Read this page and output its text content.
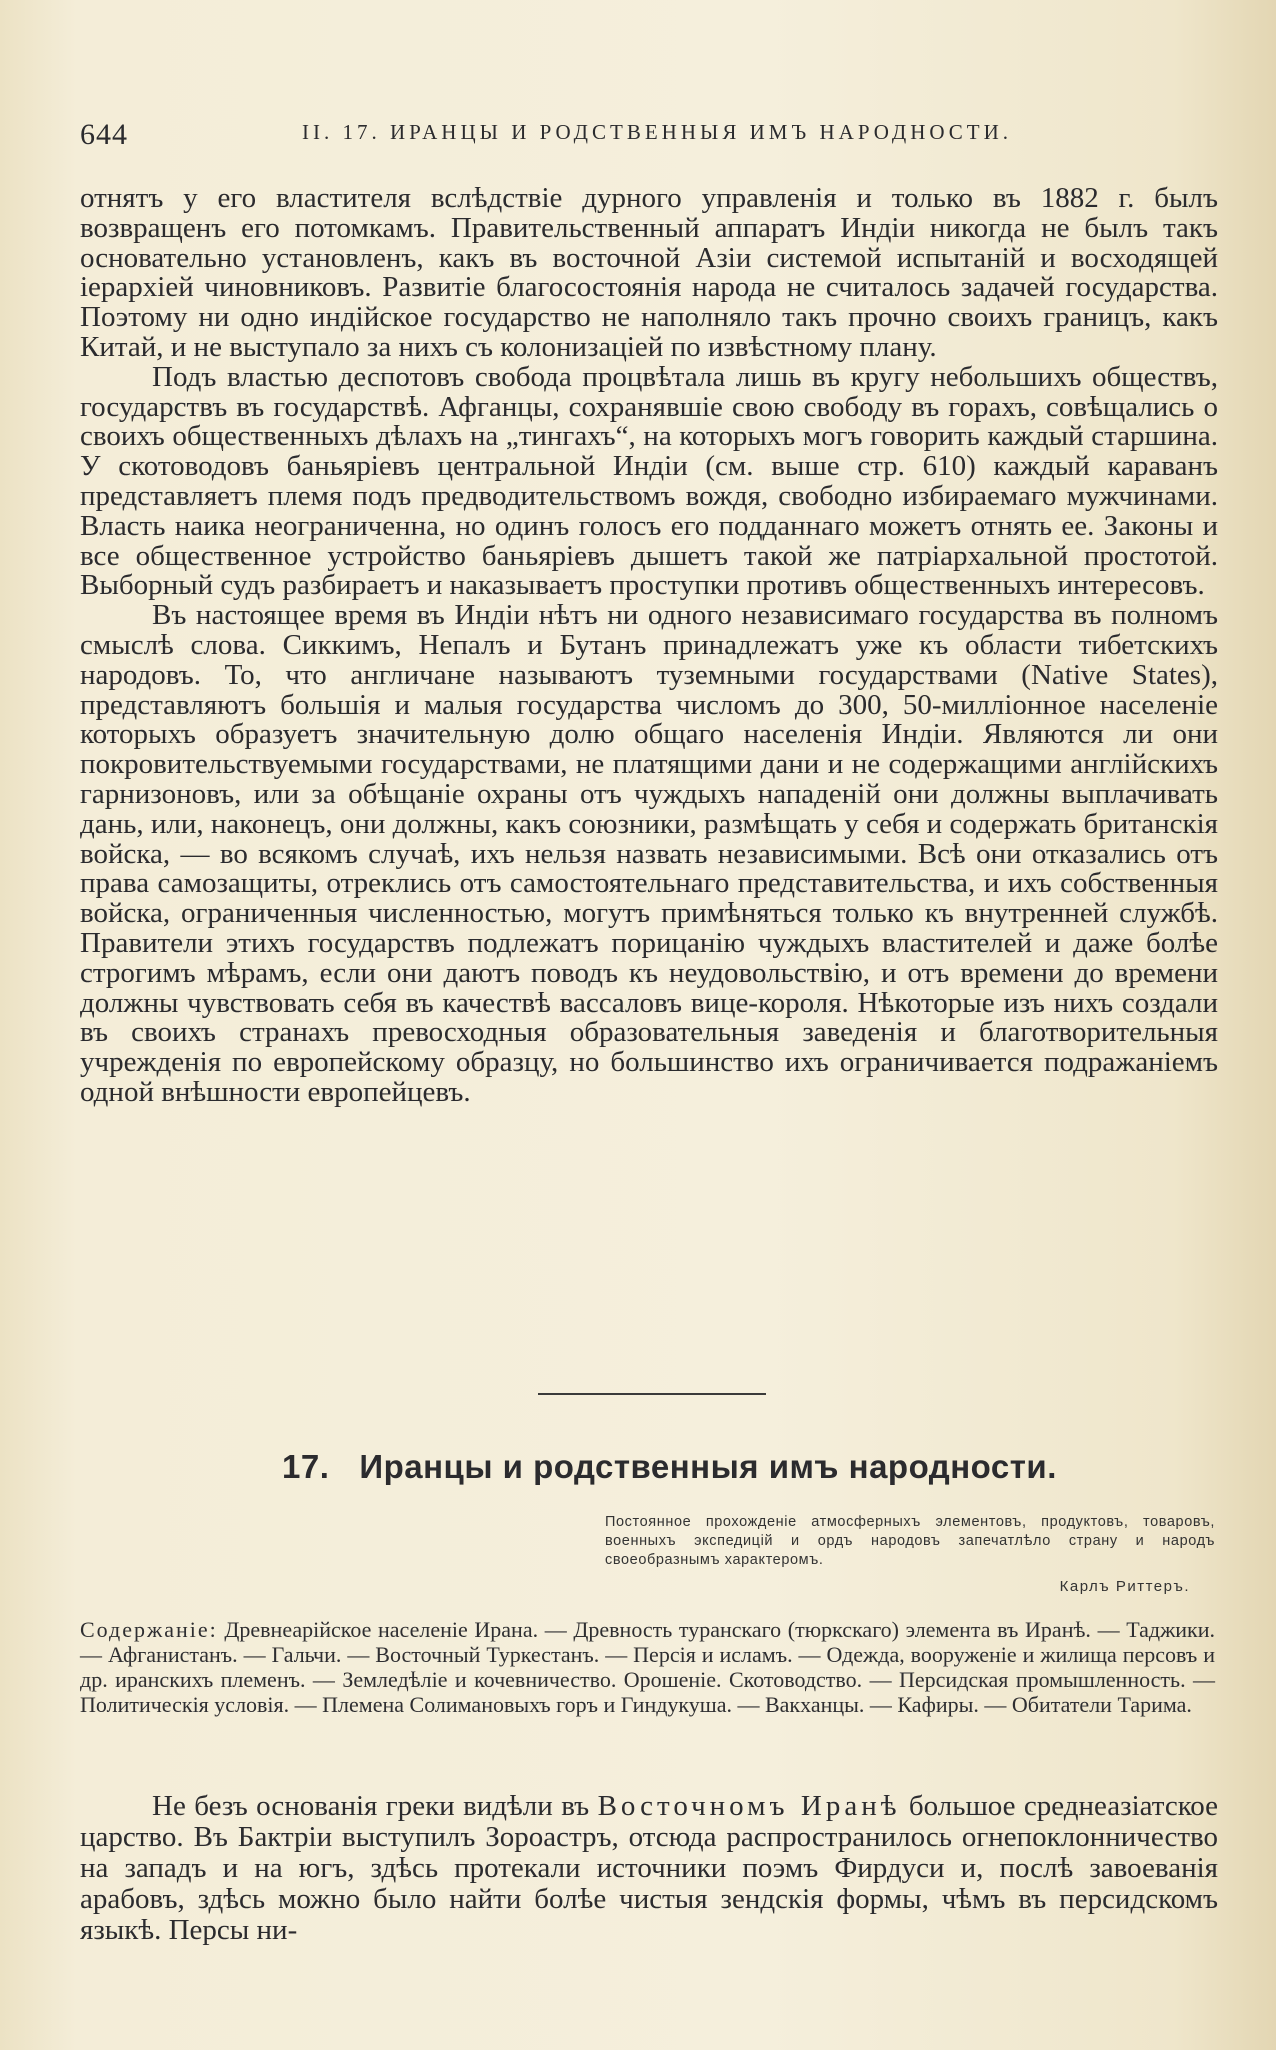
644	II. 17. ИРАНЦЫ И РОДСТВЕННЫЯ ИМЪ НАРОДНОСТИ.

отнятъ у его властителя вслѣдствіе дурного управленія и только въ 1882 г. былъ возвращенъ его потомкамъ. Правительственный аппаратъ Индіи никогда не былъ такъ основательно установленъ, какъ въ восточной Азіи системой испытаній и восходящей іерархіей чиновниковъ. Развитіе благосостоянія народа не считалось задачей государства. Поэтому ни одно индійское государство не наполняло такъ прочно своихъ границъ, какъ Китай, и не выступало за нихъ съ колонизаціей по извѣстному плану.

Подъ властью деспотовъ свобода процвѣтала лишь въ кругу небольшихъ обществъ, государствъ въ государствѣ. Афганцы, сохранявшіе свою свободу въ горахъ, совѣщались о своихъ общественныхъ дѣлахъ на „тингахъ“, на которыхъ могъ говорить каждый старшина. У скотоводовъ баньяріевъ центральной Индіи (см. выше стр. 610) каждый караванъ представляетъ племя подъ предводительствомъ вождя, свободно избираемаго мужчинами. Власть наика неограниченна, но одинъ голосъ его подданнаго можетъ отнять ее. Законы и все общественное устройство баньяріевъ дышетъ такой же патріархальной простотой. Выборный судъ разбираетъ и наказываетъ проступки противъ общественныхъ интересовъ.

Въ настоящее время въ Индіи нѣтъ ни одного независимаго государства въ полномъ смыслѣ слова. Сиккимъ, Непалъ и Бутанъ принадлежатъ уже къ области тибетскихъ народовъ. То, что англичане называютъ туземными государствами (Native States), представляютъ большія и малыя государства числомъ до 300, 50-милліонное населеніе которыхъ образуетъ значительную долю общаго населенія Индіи. Являются ли они покровительствуемыми государствами, не платящими дани и не содержащими англійскихъ гарнизоновъ, или за обѣщаніе охраны отъ чуждыхъ нападеній они должны выплачивать дань, или, наконецъ, они должны, какъ союзники, размѣщать у себя и содержать британскія войска, — во всякомъ случаѣ, ихъ нельзя назвать независимыми. Всѣ они отказались отъ права самозащиты, отреклись отъ самостоятельнаго представительства, и ихъ собственныя войска, ограниченныя численностью, могутъ примѣняться только къ внутренней службѣ. Правители этихъ государствъ подлежатъ порицанію чуждыхъ властителей и даже болѣе строгимъ мѣрамъ, если они даютъ поводъ къ неудовольствію, и отъ времени до времени должны чувствовать себя въ качествѣ вассаловъ вице-короля. Нѣкоторые изъ нихъ создали въ своихъ странахъ превосходныя образовательныя заведенія и благотворительныя учрежденія по европейскому образцу, но большинство ихъ ограничивается подражаніемъ одной внѣшности европейцевъ.

17. Иранцы и родственныя имъ народности.
Постоянное прохожденіе атмосферныхъ элементовъ, продуктовъ, товаровъ, военныхъ экспедицій и ордъ народовъ запечатлѣло страну и народъ своеобразнымъ характеромъ.
Карлъ Риттеръ.
Содержаніе: Древнеарійское населеніе Ирана. — Древность туранскаго (тюркскаго) элемента въ Иранѣ. — Таджики. — Афганистанъ. — Гальчи. — Восточный Туркестанъ. — Персія и исламъ. — Одежда, вооруженіе и жилища персовъ и др. иранскихъ племенъ. — Земледѣліе и кочевничество. Орошеніе. Скотоводство. — Персидская промышленность. — Политическія условія. — Племена Солимановыхъ горъ и Гиндукуша. — Вакханцы. — Кафиры. — Обитатели Тарима.

Не безъ основанія греки видѣли въ Восточномъ Иранѣ большое среднеазіатское царство. Въ Бактріи выступилъ Зороастръ, отсюда распространилось огнепоклонничество на западъ и на югъ, здѣсь протекали источники поэмъ Фирдуси и, послѣ завоеванія арабовъ, здѣсь можно было найти болѣе чистыя зендскія формы, чѣмъ въ персидскомъ языкѣ. Персы ни-
